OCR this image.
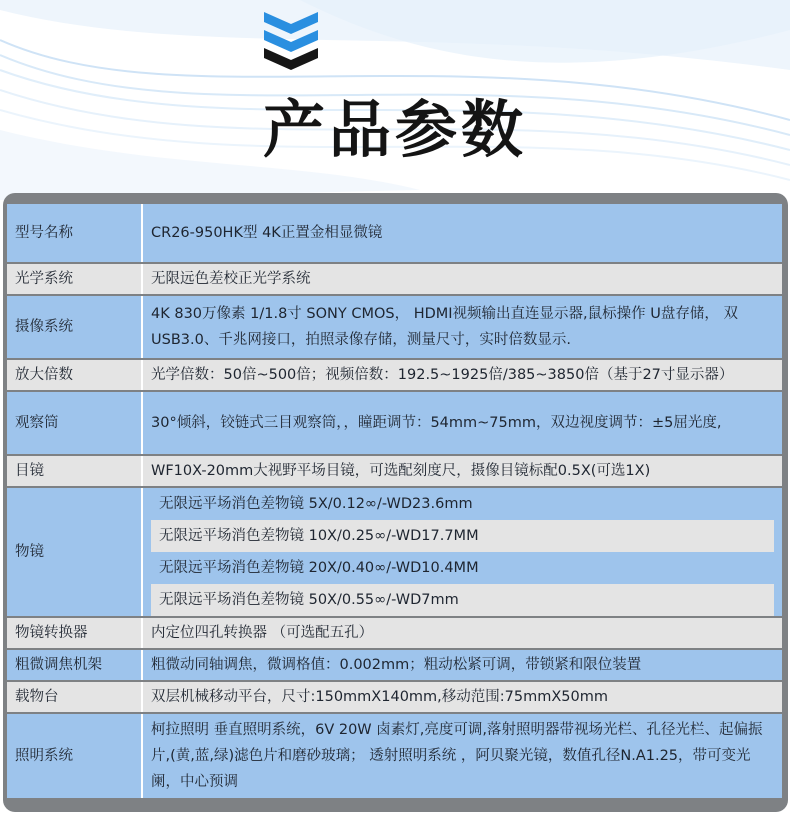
产品参数
型号名称	CR26-950HK型 4K正置金相显微镜
光学系统	无限远色差校正光学系统
摄像系统	4K 830万像素 1/1.8寸 SONY CMOS， HDMI视频输出直连显示器,鼠标操作 U盘存储， 双USB3.0、千兆网接口，拍照录像存储，测量尺寸，实时倍数显示.
放大倍数	光学倍数：50倍~500倍；视频倍数：192.5~1925倍/385~3850倍（基于27寸显示器）
观察筒	30°倾斜，铰链式三目观察筒，，瞳距调节：54mm~75mm，双边视度调节：±5屈光度,
目镜	WF10X-20mm大视野平场目镜，可选配刻度尺，摄像目镜标配0.5X(可选1X)
物镜	无限远平场消色差物镜 5X/0.12∞/-WD23.6mm
无限远平场消色差物镜 10X/0.25∞/-WD17.7MM
无限远平场消色差物镜 20X/0.40∞/-WD10.4MM
无限远平场消色差物镜 50X/0.55∞/-WD7mm

物镜转换器	内定位四孔转换器 （可选配五孔）
粗微调焦机架	粗微动同轴调焦，微调格值：0.002mm；粗动松紧可调，带锁紧和限位装置
载物台	双层机械移动平台，尺寸:150mmX140mm,移动范围:75mmX50mm
照明系统	柯拉照明 垂直照明系统，6V 20W 卤素灯,亮度可调,落射照明器带视场光栏、孔径光栏、起偏振片,(黄,蓝,绿)滤色片和磨砂玻璃； 透射照明系统 ，阿贝聚光镜，数值孔径N.A1.25，带可变光阑，中心预调
